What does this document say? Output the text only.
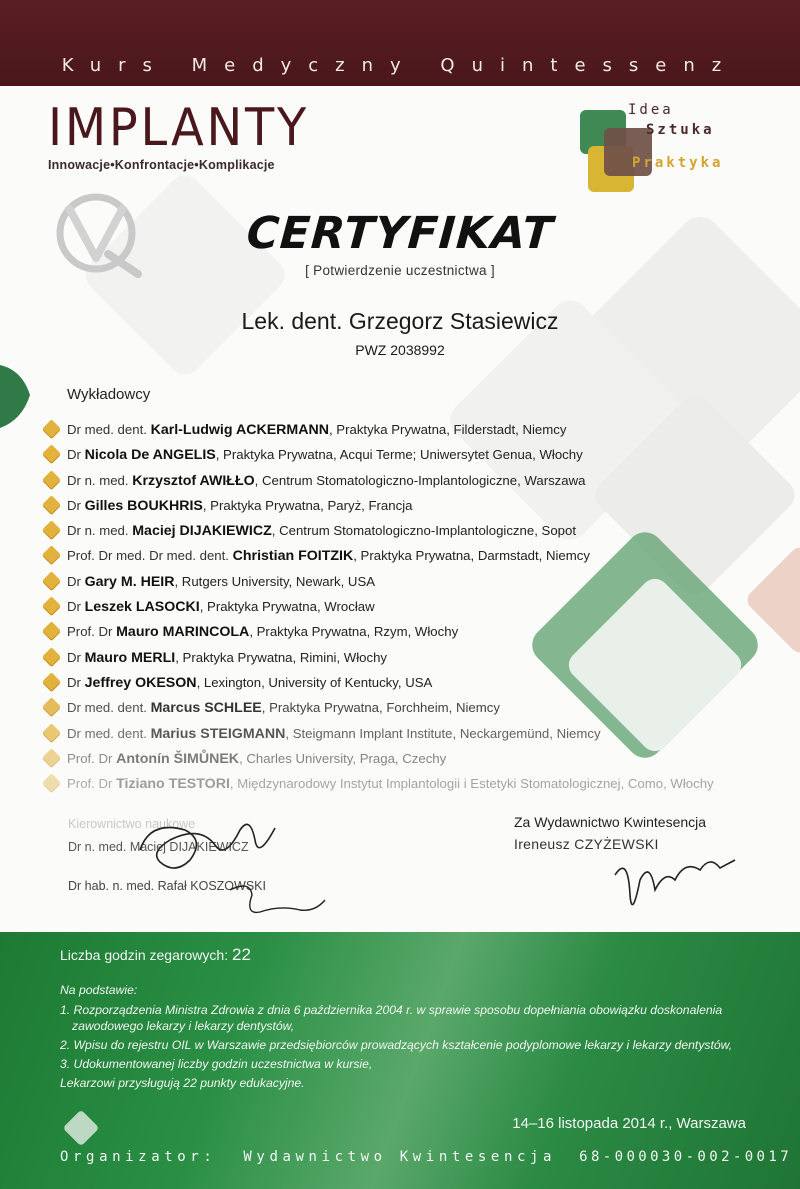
Kurs Medyczny Quintessenz
IMPLANTY
Innowacje•Konfrontacje•Komplikacje
Idea
Sztuka
Praktyka
CERTYFIKAT
[ Potwierdzenie uczestnictwa ]
Lek. dent. Grzegorz Stasiewicz
PWZ 2038992
Wykładowcy
Dr med. dent. Karl-Ludwig ACKERMANN, Praktyka Prywatna, Filderstadt, Niemcy
Dr Nicola De ANGELIS, Praktyka Prywatna, Acqui Terme; Uniwersytet Genua, Włochy
Dr n. med. Krzysztof AWIŁŁO, Centrum Stomatologiczno-Implantologiczne, Warszawa
Dr Gilles BOUKHRIS, Praktyka Prywatna, Paryż, Francja
Dr n. med. Maciej DIJAKIEWICZ, Centrum Stomatologiczno-Implantologiczne, Sopot
Prof. Dr med. Dr med. dent. Christian FOITZIK, Praktyka Prywatna, Darmstadt, Niemcy
Dr Gary M. HEIR, Rutgers University, Newark, USA
Dr Leszek LASOCKI, Praktyka Prywatna, Wrocław
Prof. Dr Mauro MARINCOLA, Praktyka Prywatna, Rzym, Włochy
Dr Mauro MERLI, Praktyka Prywatna, Rimini, Włochy
Dr Jeffrey OKESON, Lexington, University of Kentucky, USA
Dr med. dent. Marcus SCHLEE, Praktyka Prywatna, Forchheim, Niemcy
Dr med. dent. Marius STEIGMANN, Steigmann Implant Institute, Neckargemünd, Niemcy
Prof. Dr Antonín ŠIMŮNEK, Charles University, Praga, Czechy
Prof. Dr Tiziano TESTORI, Międzynarodowy Instytut Implantologii i Estetyki Stomatologicznej, Como, Włochy
Kierownictwo naukowe
Dr n. med. Maciej DIJAKIEWICZ
Dr hab. n. med. Rafał KOSZOWSKI
Za Wydawnictwo Kwintesencja
Ireneusz CZYŻEWSKI
Liczba godzin zegarowych: 22
Na podstawie:
1. Rozporządzenia Ministra Zdrowia z dnia 6 października 2004 r. w sprawie sposobu dopełniania obowiązku doskonalenia
zawodowego lekarzy i lekarzy dentystów,
2. Wpisu do rejestru OIL w Warszawie przedsiębiorców prowadzących kształcenie podyplomowe lekarzy i lekarzy dentystów,
3. Udokumentowanej liczby godzin uczestnictwa w kursie,
Lekarzowi przysługują 22 punkty edukacyjne.
14–16 listopada 2014 r., Warszawa
Organizator: Wydawnictwo Kwintesencja 68-000030-002-0017
